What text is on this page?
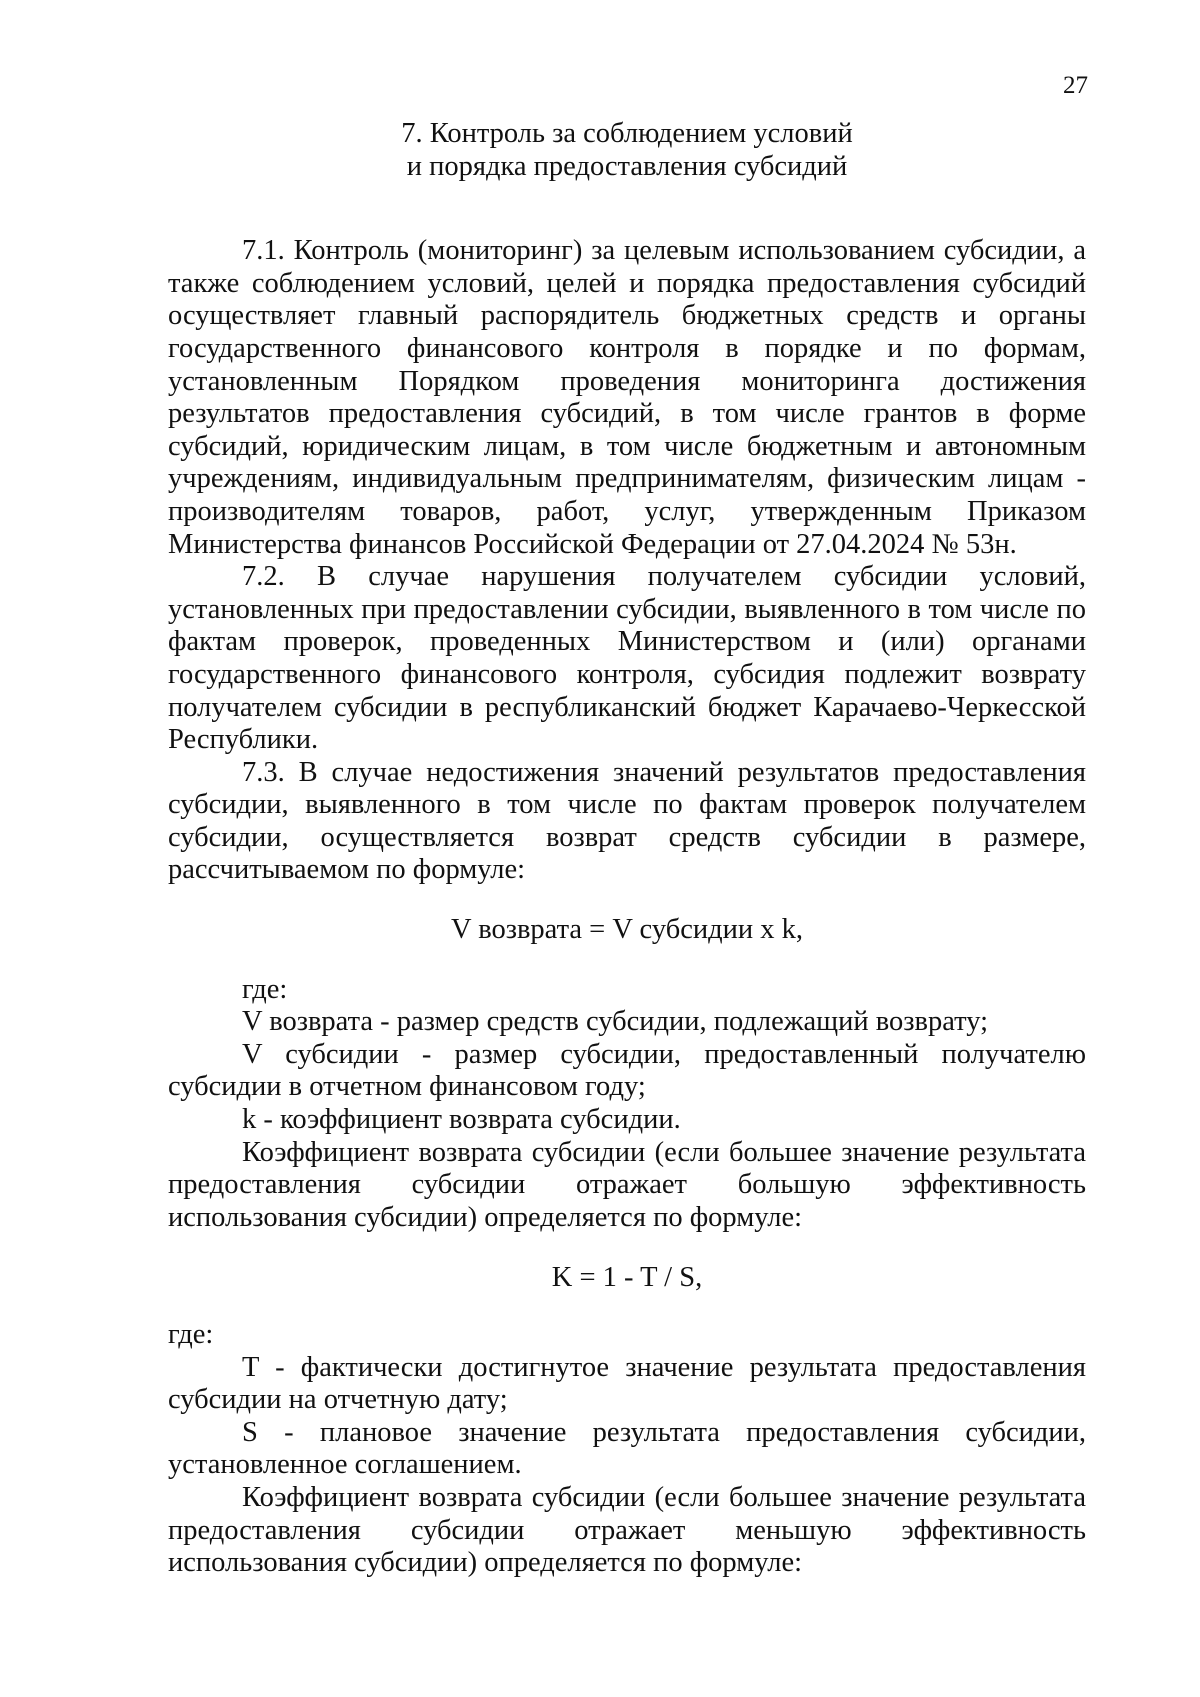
27
7. Контроль за соблюдением условий
и порядка предоставления субсидий

7.1. Контроль (мониторинг) за целевым использованием субсидии, а также соблюдением условий, целей и порядка предоставления субсидий осуществляет главный распорядитель бюджетных средств и органы государственного финансового контроля в порядке и по формам, установленным Порядком проведения мониторинга достижения результатов предоставления субсидий, в том числе грантов в форме субсидий, юридическим лицам, в том числе бюджетным и автономным учреждениям, индивидуальным предпринимателям, физическим лицам - производителям товаров, работ, услуг, утвержденным Приказом Министерства финансов Российской Федерации от 27.04.2024 № 53н.

7.2. В случае нарушения получателем субсидии условий, установленных при предоставлении субсидии, выявленного в том числе по фактам проверок, проведенных Министерством и (или) органами государственного финансового контроля, субсидия подлежит возврату получателем субсидии в республиканский бюджет Карачаево-Черкесской Республики.

7.3. В случае недостижения значений результатов предоставления субсидии, выявленного в том числе по фактам проверок получателем субсидии, осуществляется возврат средств субсидии в размере, рассчитываемом по формуле:

V возврата = V субсидии x k,

где:

V возврата - размер средств субсидии, подлежащий возврату;

V субсидии - размер субсидии, предоставленный получателю субсидии в отчетном финансовом году;

k - коэффициент возврата субсидии.

Коэффициент возврата субсидии (если большее значение результата предоставления субсидии отражает большую эффективность использования субсидии) определяется по формуле:

K = 1 - T / S,

где:

T - фактически достигнутое значение результата предоставления субсидии на отчетную дату;

S - плановое значение результата предоставления субсидии, установленное соглашением.

Коэффициент возврата субсидии (если большее значение результата предоставления субсидии отражает меньшую эффективность использования субсидии) определяется по формуле:
